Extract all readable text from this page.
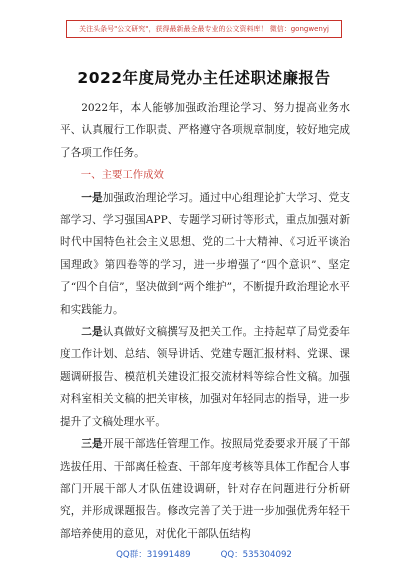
关注头条号"公文研究"，获得最新最全最专业的公文资料库！ 微信：gongwenyj
2022年度局党办主任述职述廉报告

2022年，本人能够加强政治理论学习、努力提高业务水平、认真履行工作职责、严格遵守各项规章制度，较好地完成了各项工作任务。

一、主要工作成效

一是加强政治理论学习。通过中心组理论扩大学习、党支部学习、学习强国APP、专题学习研讨等形式，重点加强对新时代中国特色社会主义思想、党的二十大精神、《习近平谈治国理政》第四卷等的学习，进一步增强了“四个意识”、坚定了“四个自信”，坚决做到“两个维护”，不断提升政治理论水平和实践能力。

二是认真做好文稿撰写及把关工作。主持起草了局党委年度工作计划、总结、领导讲话、党建专题汇报材料、党课、课题调研报告、模范机关建设汇报交流材料等综合性文稿。加强对科室相关文稿的把关审核，加强对年轻同志的指导，进一步提升了文稿处理水平。

三是开展干部选任管理工作。按照局党委要求开展了干部选拔任用、干部离任检查、干部年度考核等具体工作配合人事部门开展干部人才队伍建设调研，针对存在问题进行分析研究，并形成课题报告。修改完善了关于进一步加强优秀年轻干部培养使用的意见，对优化干部队伍结构

QQ群：31991489	QQ：535304092
